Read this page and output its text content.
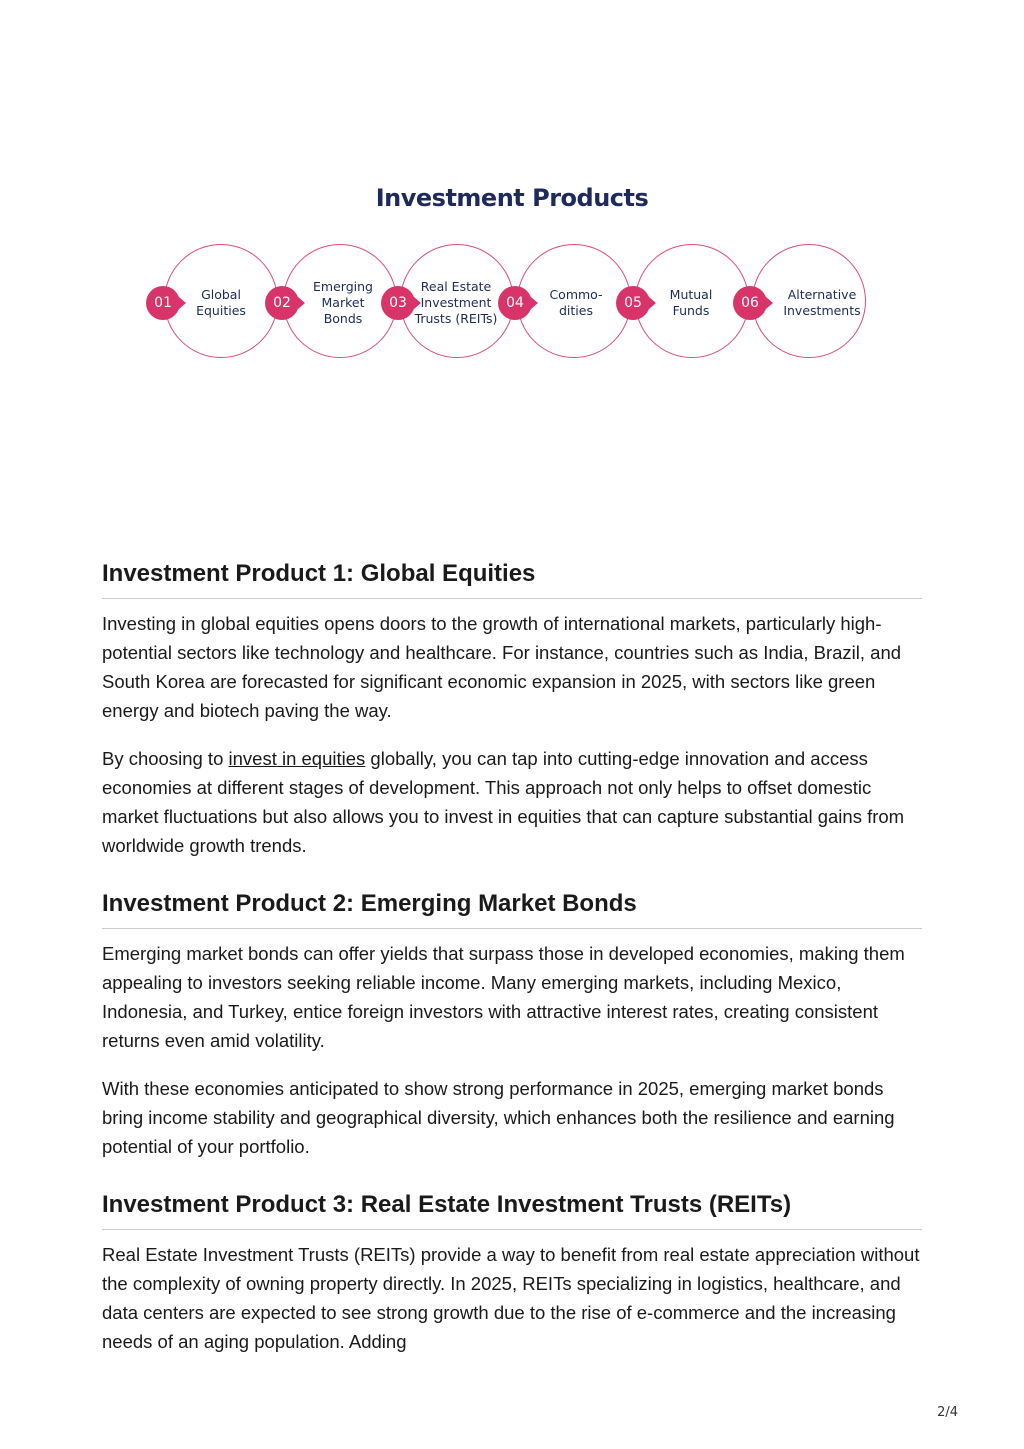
Investment Products
Global
Equities
Emerging
Market
Bonds
Real Estate
Investment
Trusts (REITs)
Commo-
dities
Mutual
Funds
Alternative
Investments
01	02	03	04	05	06
Investment Product 1: Global Equities

Investing in global equities opens doors to the growth of international markets, particularly high-potential sectors like technology and healthcare. For instance, countries such as India, Brazil, and South Korea are forecasted for significant economic expansion in 2025, with sectors like green energy and biotech paving the way.

By choosing to invest in equities globally, you can tap into cutting-edge innovation and access economies at different stages of development. This approach not only helps to offset domestic market fluctuations but also allows you to invest in equities that can capture substantial gains from worldwide growth trends.

Investment Product 2: Emerging Market Bonds

Emerging market bonds can offer yields that surpass those in developed economies, making them appealing to investors seeking reliable income. Many emerging markets, including Mexico, Indonesia, and Turkey, entice foreign investors with attractive interest rates, creating consistent returns even amid volatility.

With these economies anticipated to show strong performance in 2025, emerging market bonds bring income stability and geographical diversity, which enhances both the resilience and earning potential of your portfolio.

Investment Product 3: Real Estate Investment Trusts (REITs)

Real Estate Investment Trusts (REITs) provide a way to benefit from real estate appreciation without the complexity of owning property directly. In 2025, REITs specializing in logistics, healthcare, and data centers are expected to see strong growth due to the rise of e-commerce and the increasing needs of an aging population. Adding

2/4
